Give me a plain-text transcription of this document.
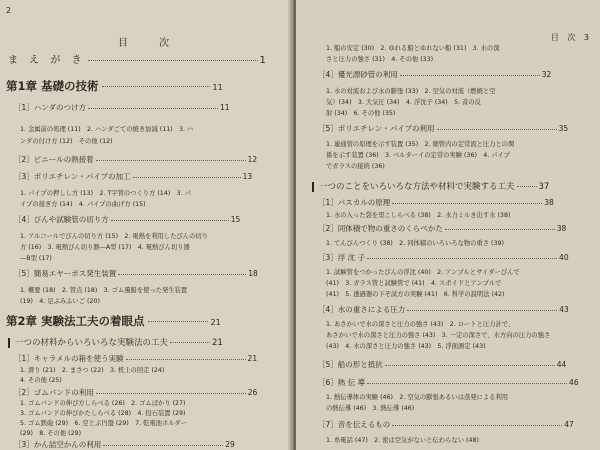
2
目 次
ま え が き	1
第1章 基礎の技術	11
［1］ハンダのつけ方	11
1. 金属前の処理 (11)　2. ハンダごての焼き加減 (11)　3. ハ
ンダの付け方 (12)　その他 (12)
［2］ビニールの熱接着	12
［3］ポリエチレン・パイプの加工	13
1. パイプの押しし方 (13)　2. T字管のつくり方 (14)　3. パ
イプの接ぎ方 (14)　4. パイプの曲げ方 (15)
［4］びんや試験管の切り方	15
1. アルコールでびんの切り方 (15)　2. 電熱を利用したびんの切り
方 (16)　3. 電熱びん切り器—A型 (17)　4. 電熱びん切り器
—B型 (17)
［5］簡易エヤーポス発生装置	18
1. 概要 (18)　2. 管点 (18)　3. ゴム風船を使った発生装置
(19)　4. 足ぶみふいご (20)
第2章 実験法工夫の着眼点	21
一つの材料からいろいろな実験法の工夫	21
［1］キャラメルの箱を使う実験	21
1. 滑り (21)　2. まさつ (22)　3. 机上の回走 (24)
4. その他 (25)
［2］ゴムバンドの利用	26
1. ゴムバンドの伸び方しらべる (26)　2. ゴムばかり (27)
3. ゴムバンドの伸びかたしらべる (28)　4. 投石装置 (29)
5. ゴム鉄砲 (29)　6. 空とぶ円盤 (29)　7. 乾電池ホルダー
(29)　8. その他 (29)
［3］かん詰空かんの利用	29
目 次 3
1. 船の安定 (30)　2. ゆれる船とゆれない船 (31)　3. 水の深
さと圧力の強さ (31)　4. その他 (33)
［4］優光漂砂管の利用	32
1. 水の対流および水の膨張 (33)　2. 空気の対流（燃焼と空
気）(34)　3. 大気圧 (34)　4. 浮沈子 (34)　5. 音の反
射 (34)　6. その他 (35)
［5］ポリエチレン・パイプの利用	35
1. 連通管の原理を示す装置 (35)　2. 細管内の定常流と圧力との関
係を示す装置 (36)　3. ベルターイの定常の実験 (36)　4. パイプ
でガラスの接続 (36)
一つのことをいろいろな方法や材料で実験する工夫	37
［1］パスカルの原理	38
1. 水の入った袋を里こしらべる (38)　2. 水力ミルき出す水 (38)
［2］同体積で物の重さのくらべかた	38
1. てんびんつくり (38)　2. 同体積のいろいろな物の重さ (39)
［3］浮 沈 子	40
1. 試験管をつかったびんの浮沈 (40)　2. アンプルとサイダーびんで
(41)　3. ガラス管と試験管で (41)　4. スポイドとアンプルで
(41)　5. 透過器の下ぞ試方の実験 (41)　6. 科学の説明法 (42)
［4］水の重さによる圧力	43
1. あさかいで水の深さと圧力の強さ (43)　2. ロートと圧力計で、
あさかいで水の深さと圧力の強さ (43)　3. 一定の深さで、水方向の圧力の強さ
(43)　4. 水の深さと圧力の強さ (43)　5. 浮面測定 (43)
［5］船の形と抵抗	44
［6］熱 伝 導	46
1. 熱伝導体の実験 (46)　2. 空気の膨張あるいは蒸発による利用
の熱伝導 (46)　3. 熱伝導 (46)
［7］音を伝えるもの	47
1. 糸電話 (47)　2. 密は空気がないと伝わらない (48)
